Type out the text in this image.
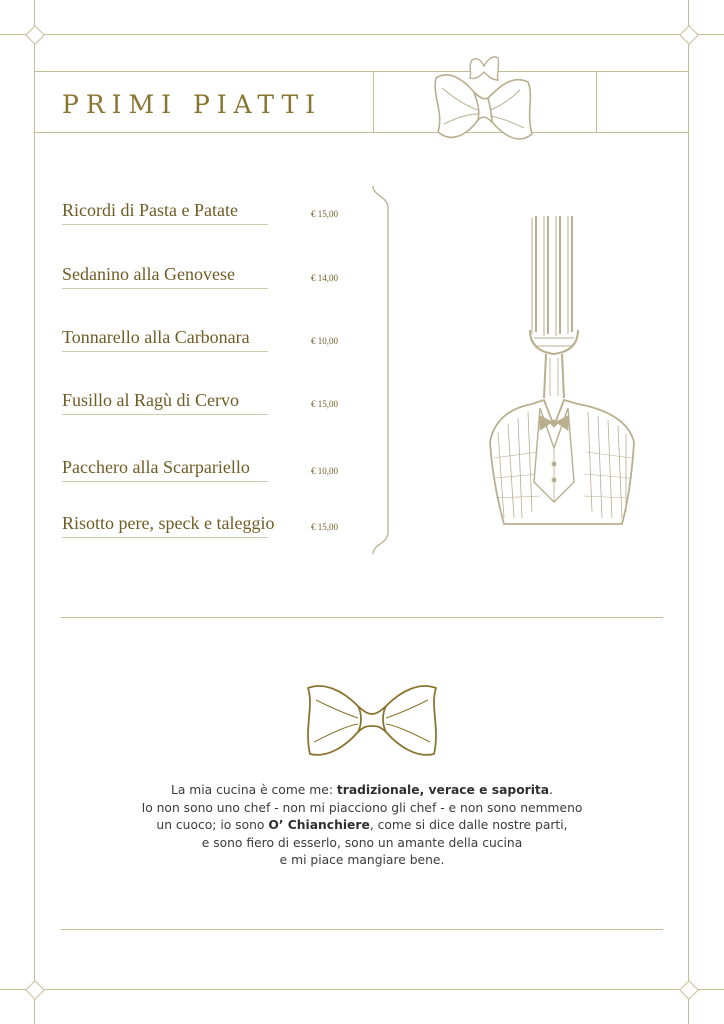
PRIMI PIATTI
Ricordi di Pasta e Patate	€ 15,00
Sedanino alla Genovese	€ 14,00
Tonnarello alla Carbonara	€ 10,00
Fusillo al Ragù di Cervo	€ 15,00
Pacchero alla Scarpariello	€ 10,00
Risotto pere, speck e taleggio	€ 15,00
La mia cucina è come me: tradizionale, verace e saporita.
Io non sono uno chef - non mi piacciono gli chef - e non sono nemmeno
un cuoco; io sono O’ Chianchiere, come si dice dalle nostre parti,
e sono fiero di esserlo, sono un amante della cucina
e mi piace mangiare bene.
